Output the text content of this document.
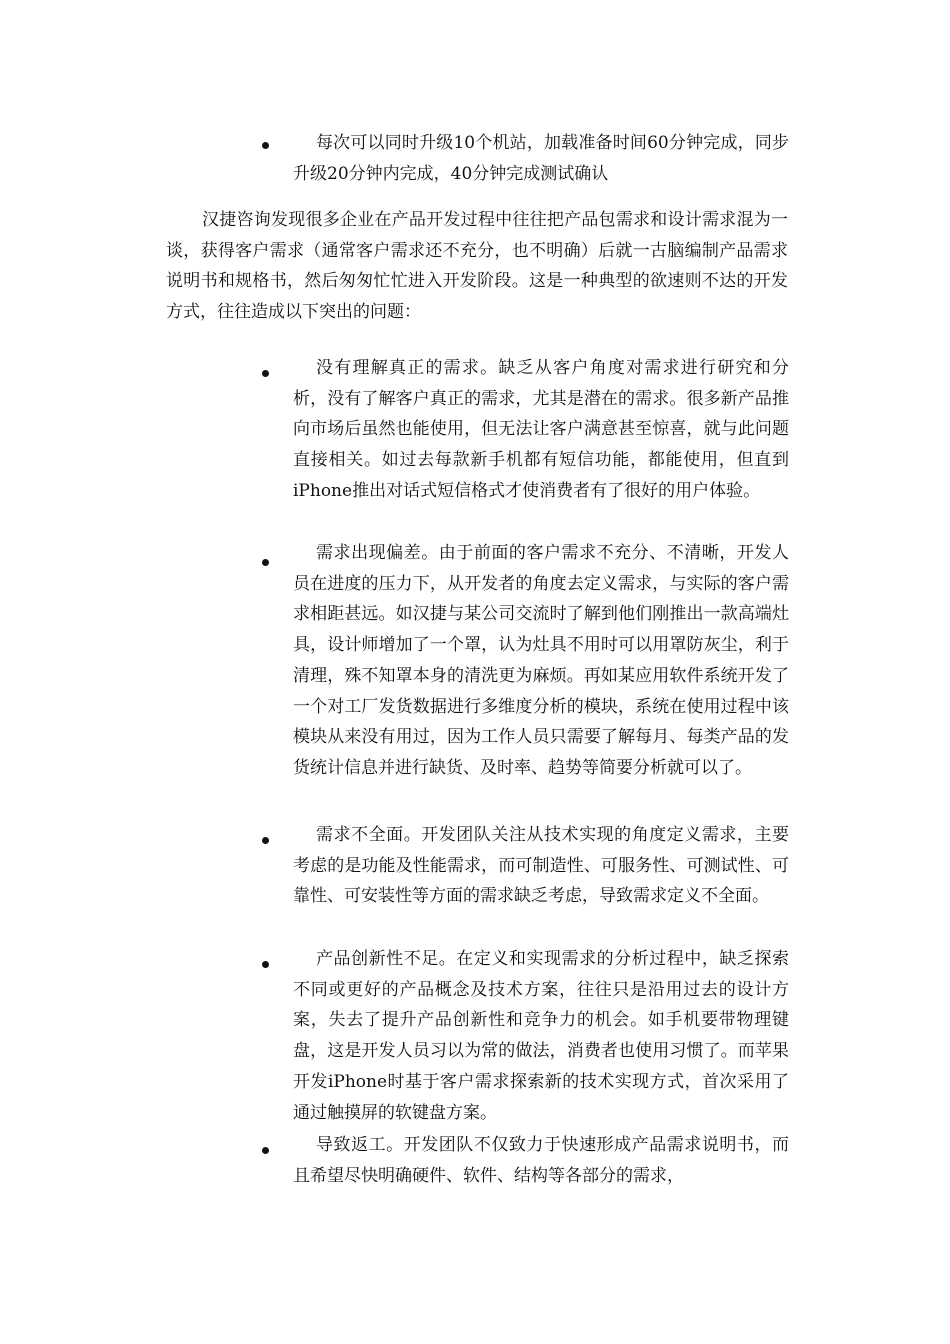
每次可以同时升级10个机站，加载准备时间60分钟完成，同步升级20分钟内完成，40分钟完成测试确认

汉捷咨询发现很多企业在产品开发过程中往往把产品包需求和设计需求混为一谈，获得客户需求（通常客户需求还不充分，也不明确）后就一古脑编制产品需求说明书和规格书，然后匆匆忙忙进入开发阶段。这是一种典型的欲速则不达的开发方式，往往造成以下突出的问题：

没有理解真正的需求。缺乏从客户角度对需求进行研究和分析，没有了解客户真正的需求，尤其是潜在的需求。很多新产品推向市场后虽然也能使用，但无法让客户满意甚至惊喜，就与此问题直接相关。如过去每款新手机都有短信功能，都能使用，但直到iPhone推出对话式短信格式才使消费者有了很好的用户体验。

需求出现偏差。由于前面的客户需求不充分、不清晰，开发人员在进度的压力下，从开发者的角度去定义需求，与实际的客户需求相距甚远。如汉捷与某公司交流时了解到他们刚推出一款高端灶具，设计师增加了一个罩，认为灶具不用时可以用罩防灰尘，利于清理，殊不知罩本身的清洗更为麻烦。再如某应用软件系统开发了一个对工厂发货数据进行多维度分析的模块，系统在使用过程中该模块从来没有用过，因为工作人员只需要了解每月、每类产品的发货统计信息并进行缺货、及时率、趋势等简要分析就可以了。

需求不全面。开发团队关注从技术实现的角度定义需求，主要考虑的是功能及性能需求，而可制造性、可服务性、可测试性、可靠性、可安装性等方面的需求缺乏考虑，导致需求定义不全面。

产品创新性不足。在定义和实现需求的分析过程中，缺乏探索不同或更好的产品概念及技术方案，往往只是沿用过去的设计方案，失去了提升产品创新性和竞争力的机会。如手机要带物理键盘，这是开发人员习以为常的做法，消费者也使用习惯了。而苹果开发iPhone时基于客户需求探索新的技术实现方式，首次采用了通过触摸屏的软键盘方案。

导致返工。开发团队不仅致力于快速形成产品需求说明书，而且希望尽快明确硬件、软件、结构等各部分的需求，
